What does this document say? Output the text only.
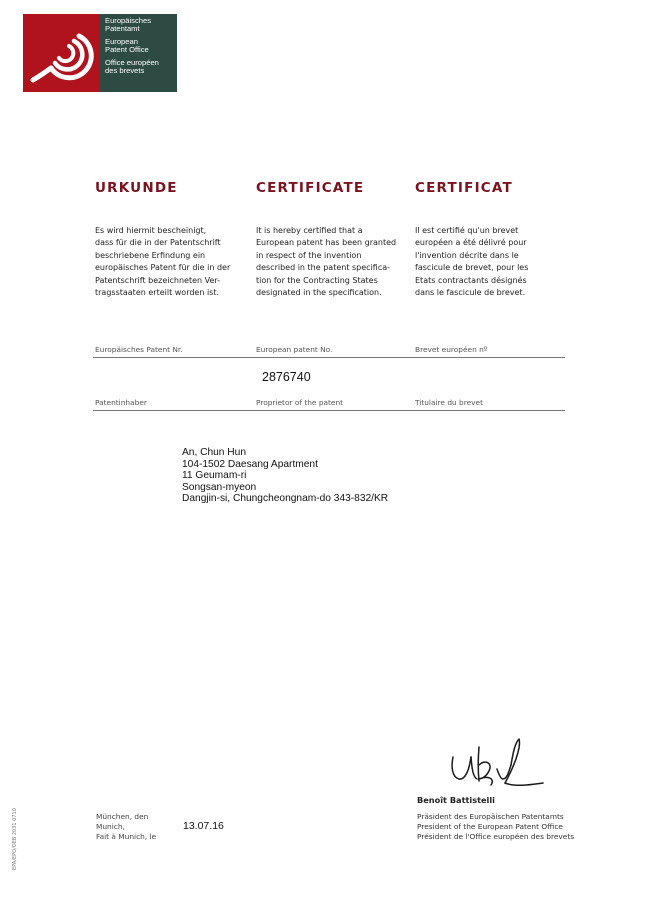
Europäisches
Patentamt
European
Patent Office
Office européen
des brevets
URKUNDE	CERTIFICATE	CERTIFICAT
Es wird hiermit bescheinigt,
dass für die in der Patentschrift
beschriebene Erfindung ein
europäisches Patent für die in der
Patentschrift bezeichneten Ver-
tragsstaaten erteilt worden ist.
It is hereby certified that a
European patent has been granted
in respect of the invention
described in the patent specifica-
tion for the Contracting States
designated in the specification.
Il est certifié qu'un brevet
européen a été délivré pour
l'invention décrite dans le
fascicule de brevet, pour les
Etats contractants désignés
dans le fascicule de brevet.
Europäisches Patent Nr.	European patent No.	Brevet européen nº
2876740
Patentinhaber	Proprietor of the patent	Titulaire du brevet
An, Chun Hun
104-1502 Daesang Apartment
11 Geumam-ri
Songsan-myeon
Dangjin-si, Chungcheongnam-do 343-832/KR
Benoît Battistelli
Präsident des Europäischen Patentamts
President of the European Patent Office
Président de l'Office européen des brevets
München, den
Munich,
Fait à Munich, le
13.07.16
EPA/EPO/OEB 2031 0710
